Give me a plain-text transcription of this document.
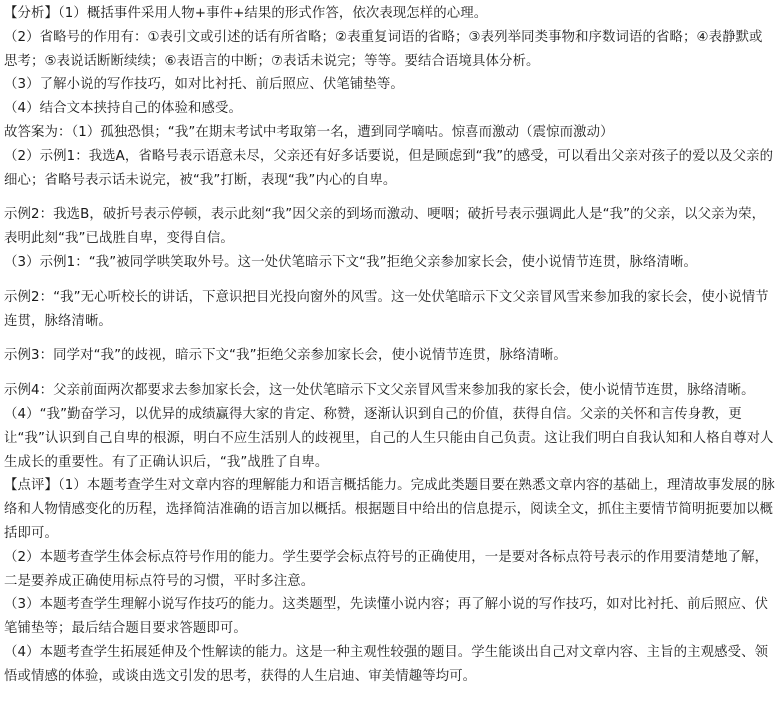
【分析】（1）概括事件采用人物+事件+结果的形式作答，依次表现怎样的心理。

（2）省略号的作用有：①表引文或引述的话有所省略；②表重复词语的省略；③表列举同类事物和序数词语的省略；④表静默或思考；⑤表说话断断续续；⑥表语言的中断；⑦表话未说完；等等。要结合语境具体分析。

（3）了解小说的写作技巧，如对比衬托、前后照应、伏笔铺垫等。

（4）结合文本挟持自己的体验和感受。

故答案为：（1）孤独恐惧；“我”在期末考试中考取第一名，遭到同学嘀咕。惊喜而激动（震惊而激动）

（2）示例1：我选A，省略号表示语意未尽，父亲还有好多话要说，但是顾虑到“我”的感受，可以看出父亲对孩子的爱以及父亲的细心；省略号表示话未说完，被“我”打断，表现“我”内心的自卑。

示例2：我选B，破折号表示停顿，表示此刻“我”因父亲的到场而激动、哽咽；破折号表示强调此人是“我”的父亲，以父亲为荣，表明此刻“我”已战胜自卑，变得自信。

（3）示例1：“我”被同学哄笑取外号。这一处伏笔暗示下文“我”拒绝父亲参加家长会，使小说情节连贯，脉络清晰。

示例2：“我”无心听校长的讲话，下意识把目光投向窗外的风雪。这一处伏笔暗示下文父亲冒风雪来参加我的家长会，使小说情节连贯，脉络清晰。

示例3：同学对“我”的歧视，暗示下文“我”拒绝父亲参加家长会，使小说情节连贯，脉络清晰。

示例4：父亲前面两次都要求去参加家长会，这一处伏笔暗示下文父亲冒风雪来参加我的家长会，使小说情节连贯，脉络清晰。

（4）“我”勤奋学习，以优异的成绩赢得大家的肯定、称赞，逐渐认识到自己的价值，获得自信。父亲的关怀和言传身教，更让“我”认识到自己自卑的根源，明白不应生活别人的歧视里，自己的人生只能由自己负责。这让我们明白自我认知和人格自尊对人生成长的重要性。有了正确认识后，“我”战胜了自卑。

【点评】（1）本题考查学生对文章内容的理解能力和语言概括能力。完成此类题目要在熟悉文章内容的基础上，理清故事发展的脉络和人物情感变化的历程，选择简洁准确的语言加以概括。根据题目中给出的信息提示，阅读全文，抓住主要情节简明扼要加以概括即可。

（2）本题考查学生体会标点符号作用的能力。学生要学会标点符号的正确使用，一是要对各标点符号表示的作用要清楚地了解，二是要养成正确使用标点符号的习惯，平时多注意。

（3）本题考查学生理解小说写作技巧的能力。这类题型，先读懂小说内容；再了解小说的写作技巧，如对比衬托、前后照应、伏笔铺垫等；最后结合题目要求答题即可。

（4）本题考查学生拓展延伸及个性解读的能力。这是一种主观性较强的题目。学生能谈出自己对文章内容、主旨的主观感受、领悟或情感的体验，或谈由选文引发的思考，获得的人生启迪、审美情趣等均可。
